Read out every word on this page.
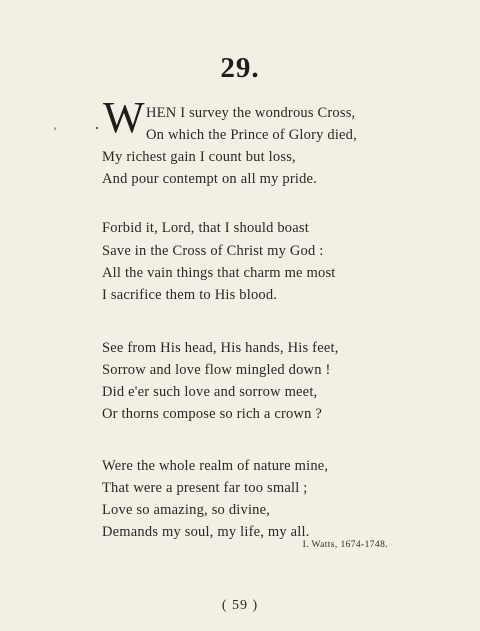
29.
' W HEN I survey the wondrous Cross,
On which the Prince of Glory died,
My richest gain I count but loss,
And pour contempt on all my pride.
Forbid it, Lord, that I should boast
Save in the Cross of Christ my God :
All the vain things that charm me most
I sacrifice them to His blood.
See from His head, His hands, His feet,
Sorrow and love flow mingled down !
Did e'er such love and sorrow meet,
Or thorns compose so rich a crown ?
Were the whole realm of nature mine,
That were a present far too small ;
Love so amazing, so divine,
Demands my soul, my life, my all.
I. Watts, 1674-1748.
( 59 )
